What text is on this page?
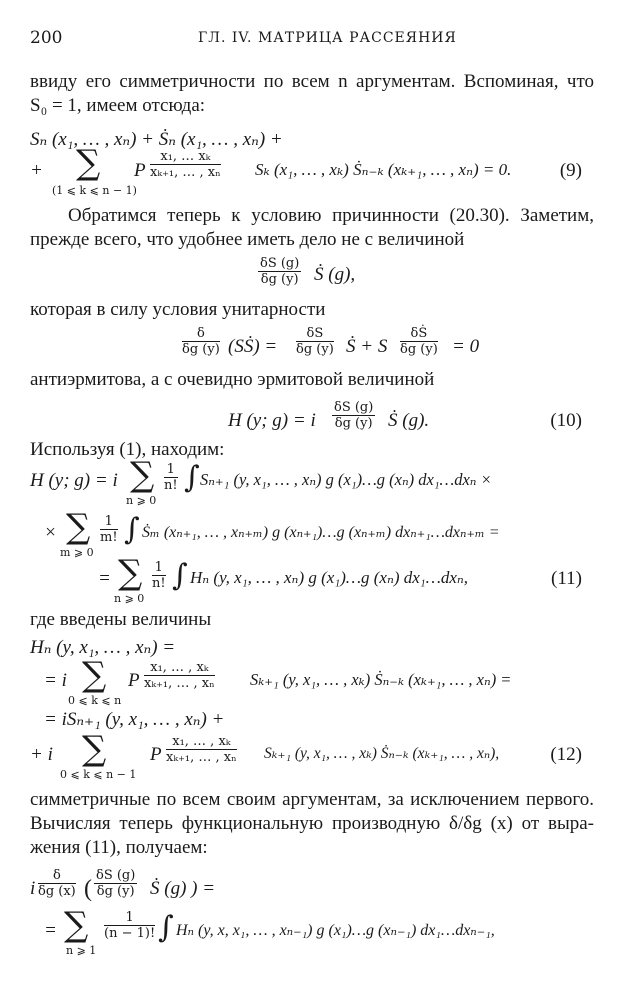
200	ГЛ. IV. МАТРИЦА РАССЕЯНИЯ
ввиду его симметричности по всем n аргументам. Вспоминая, что
S₀ = 1, имеем отсюда:
Sₙ (x₁, … , xₙ) + Ṡₙ (x₁, … , xₙ) +
+ ∑
(1 ⩽ k ⩽ n − 1)
P $\frac{\text{x₁, … xₖ}}{\text{xₖ₊₁, … , xₙ}}$ Sₖ (x₁, … , xₖ) Ṡₙ₋ₖ (xₖ₊₁, … , xₙ) = 0.	(9)
Обратимся теперь к условию причинности (20.30). Заметим,
прежде всего, что удобнее иметь дело не с величиной
$\frac{\delta S (g)}{\delta g (y)}$ Ṡ (g),
которая в силу условия унитарности
$\frac{\delta}{\delta g (y)}$ (SṠ) = $\frac{\delta S}{\delta g (y)}$ Ṡ + S $\frac{\delta Ṡ}{\delta g (y)} = 0$
антиэрмитова, а с очевидно эрмитовой величиной
H (y; g) = i $\frac{\delta S (g)}{\delta g (y)}$ Ṡ (g).	(10)
Используя (1), находим:
H (y; g) = i ∑
n ⩾ 0
$\frac{1}{n!}$ ∫ Sₙ₊₁ (y, x₁, … , xₙ) g (x₁)…g (xₙ) dx₁…dxₙ ×
× ∑
m ⩾ 0
$\frac{1}{m!}$ ∫ Ṡₘ (xₙ₊₁, … , xₙ₊ₘ) g (xₙ₊₁)…g (xₙ₊ₘ) dxₙ₊₁…dxₙ₊ₘ =
= ∑
n ⩾ 0
$\frac{1}{n!}$ ∫ Hₙ (y, x₁, … , xₙ) g (x₁)…g (xₙ) dx₁…dxₙ,	(11)
где введены величины
Hₙ (y, x₁, … , xₙ) =
= i ∑
0 ⩽ k ⩽ n
P $\frac{\text{x₁, … , xₖ}}{\text{xₖ₊₁, … , xₙ}} S_{k+1}$ (y, x₁, … , xₖ) Ṡₙ₋ₖ (xₖ₊₁, … , xₙ) =
= iSₙ₊₁ (y, x₁, … , xₙ) +
+ i ∑
0 ⩽ k ⩽ n − 1
P $\frac{\text{x₁, … , xₖ}}{\text{xₖ₊₁, … , xₙ}} S_{k+1}$ (y, x₁, … , xₖ) Ṡₙ₋ₖ (xₖ₊₁, … , xₙ),	(12)
симметричные по всем своим аргументам, за исключением первого.
Вычисляя теперь функциональную производную δ/δg (x) от выра-
жения (11), получаем:
i $\frac{\delta}{\delta g (x)}$ ( $\frac{\delta S (g)}{\delta g (y)}$ Ṡ (g) ) =
= ∑
n ⩾ 1
$\frac{1}{(n - 1)!}$ ∫ Hₙ (y, x, x₁, … , xₙ₋₁) g (x₁)…g (xₙ₋₁) dx₁…dxₙ₋₁,
